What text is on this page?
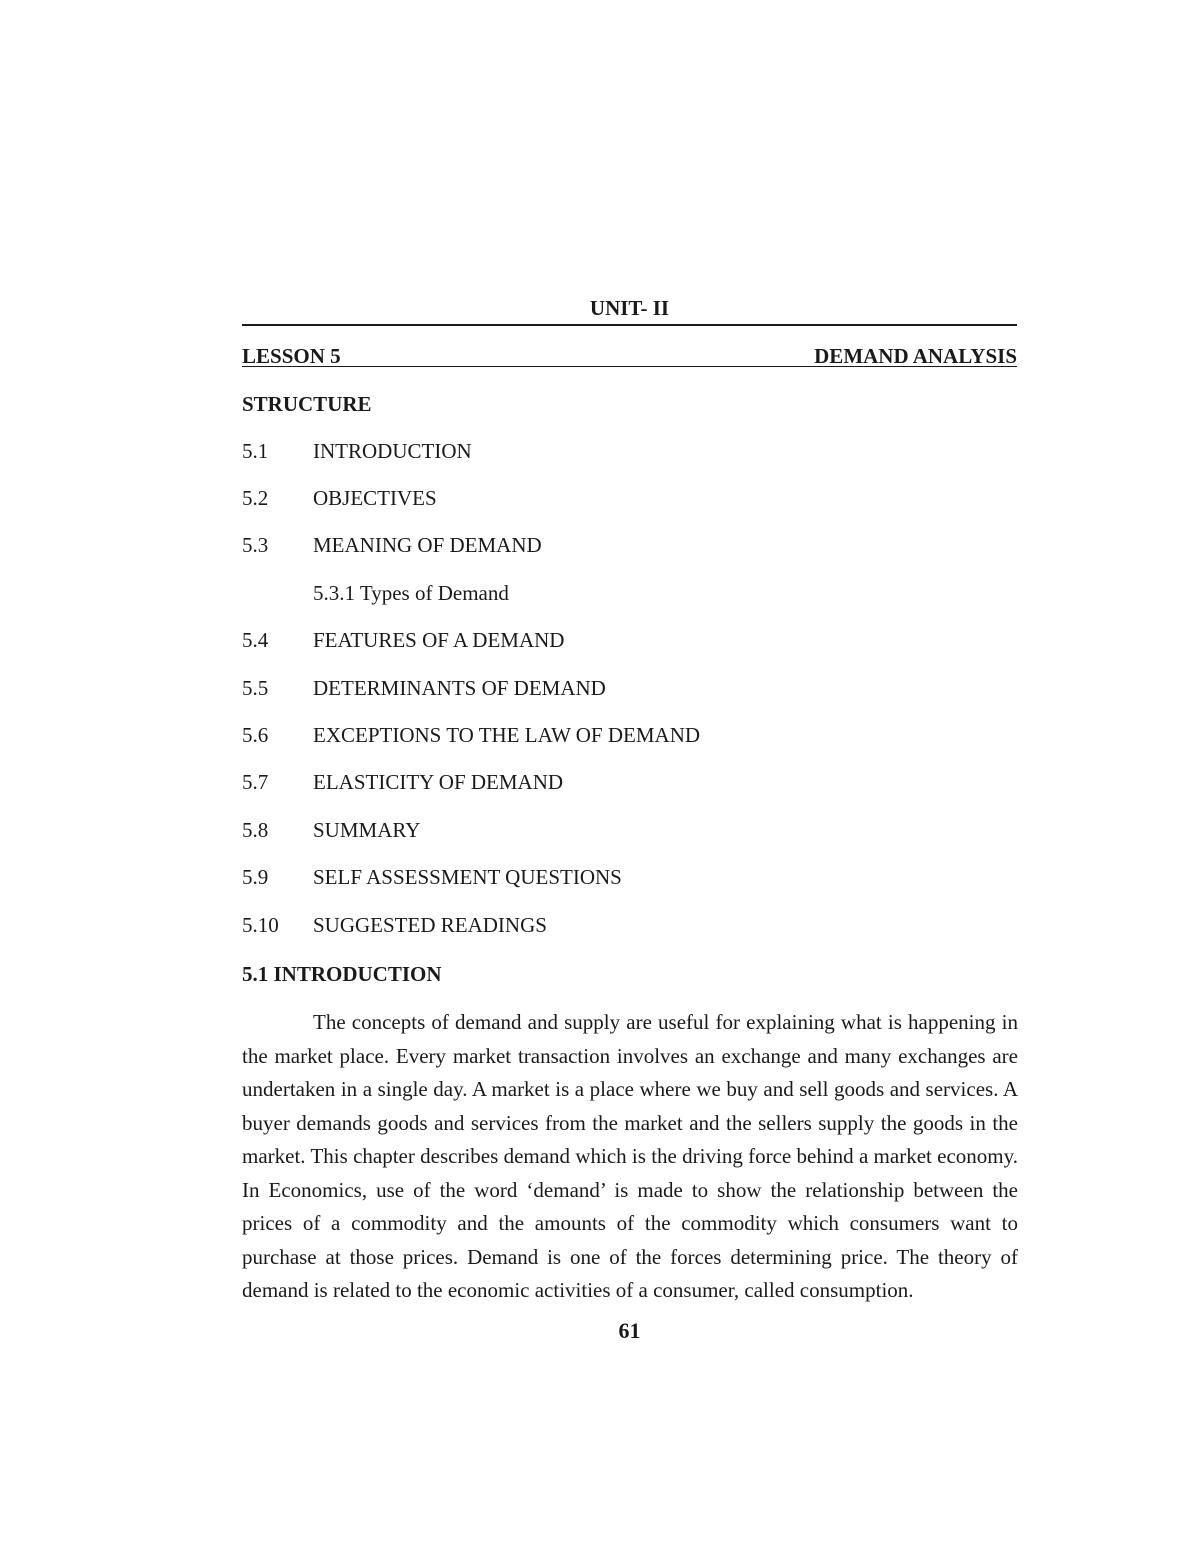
UNIT- II
LESSON 5	DEMAND ANALYSIS
STRUCTURE
5.1 INTRODUCTION
5.2 OBJECTIVES
5.3 MEANING OF DEMAND
5.3.1 Types of Demand
5.4 FEATURES OF A DEMAND
5.5 DETERMINANTS OF DEMAND
5.6 EXCEPTIONS TO THE LAW OF DEMAND
5.7 ELASTICITY OF DEMAND
5.8 SUMMARY
5.9 SELF ASSESSMENT QUESTIONS
5.10 SUGGESTED READINGS
5.1 INTRODUCTION

The concepts of demand and supply are useful for explaining what is happening in the market place. Every market transaction involves an exchange and many exchanges are undertaken in a single day. A market is a place where we buy and sell goods and services. A buyer demands goods and services from the market and the sellers supply the goods in the market. This chapter describes demand which is the driving force behind a market economy. In Economics, use of the word ‘demand’ is made to show the relationship between the prices of a commodity and the amounts of the commodity which consumers want to purchase at those prices. Demand is one of the forces determining price. The theory of demand is related to the economic activities of a consumer, called consumption.

61
